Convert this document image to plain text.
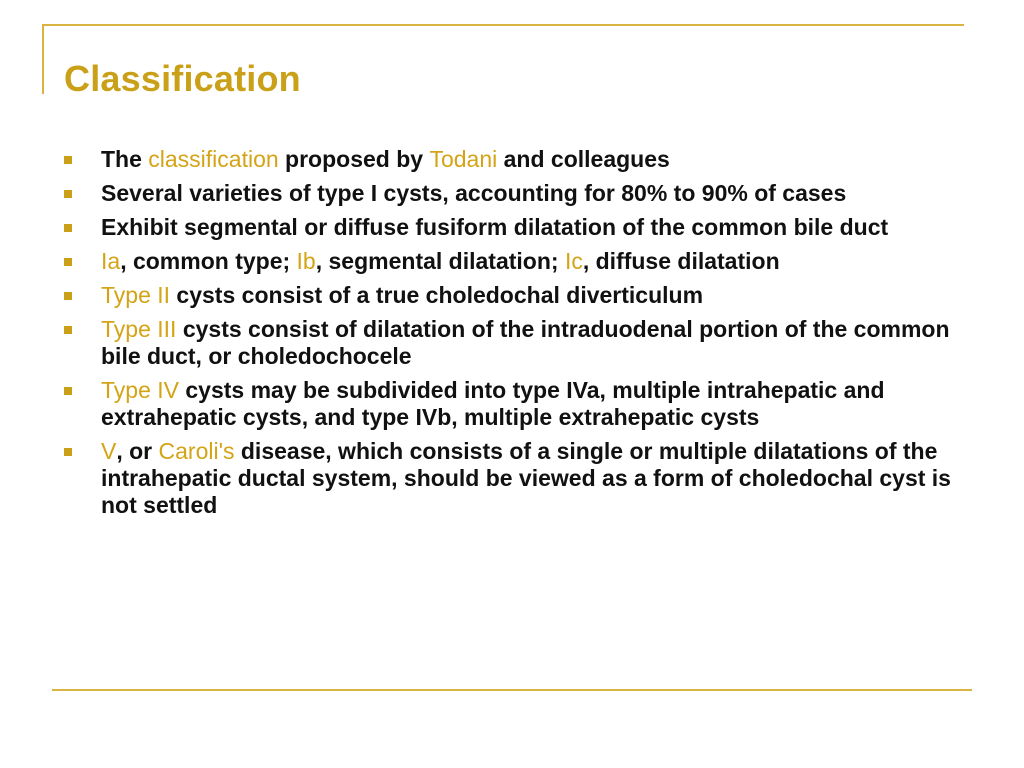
Classification
The classification proposed by Todani and colleagues
Several varieties of type I cysts, accounting for 80% to 90% of cases
Exhibit segmental or diffuse fusiform dilatation of the common bile duct
Ia, common type; Ib, segmental dilatation; Ic, diffuse dilatation
Type II cysts consist of a true choledochal diverticulum
Type III cysts consist of dilatation of the intraduodenal portion of the common bile duct, or choledochocele
Type IV cysts may be subdivided into type IVa, multiple intrahepatic and extrahepatic cysts, and type IVb, multiple extrahepatic cysts
V, or Caroli's disease, which consists of a single or multiple dilatations of the intrahepatic ductal system, should be viewed as a form of choledochal cyst is not settled
